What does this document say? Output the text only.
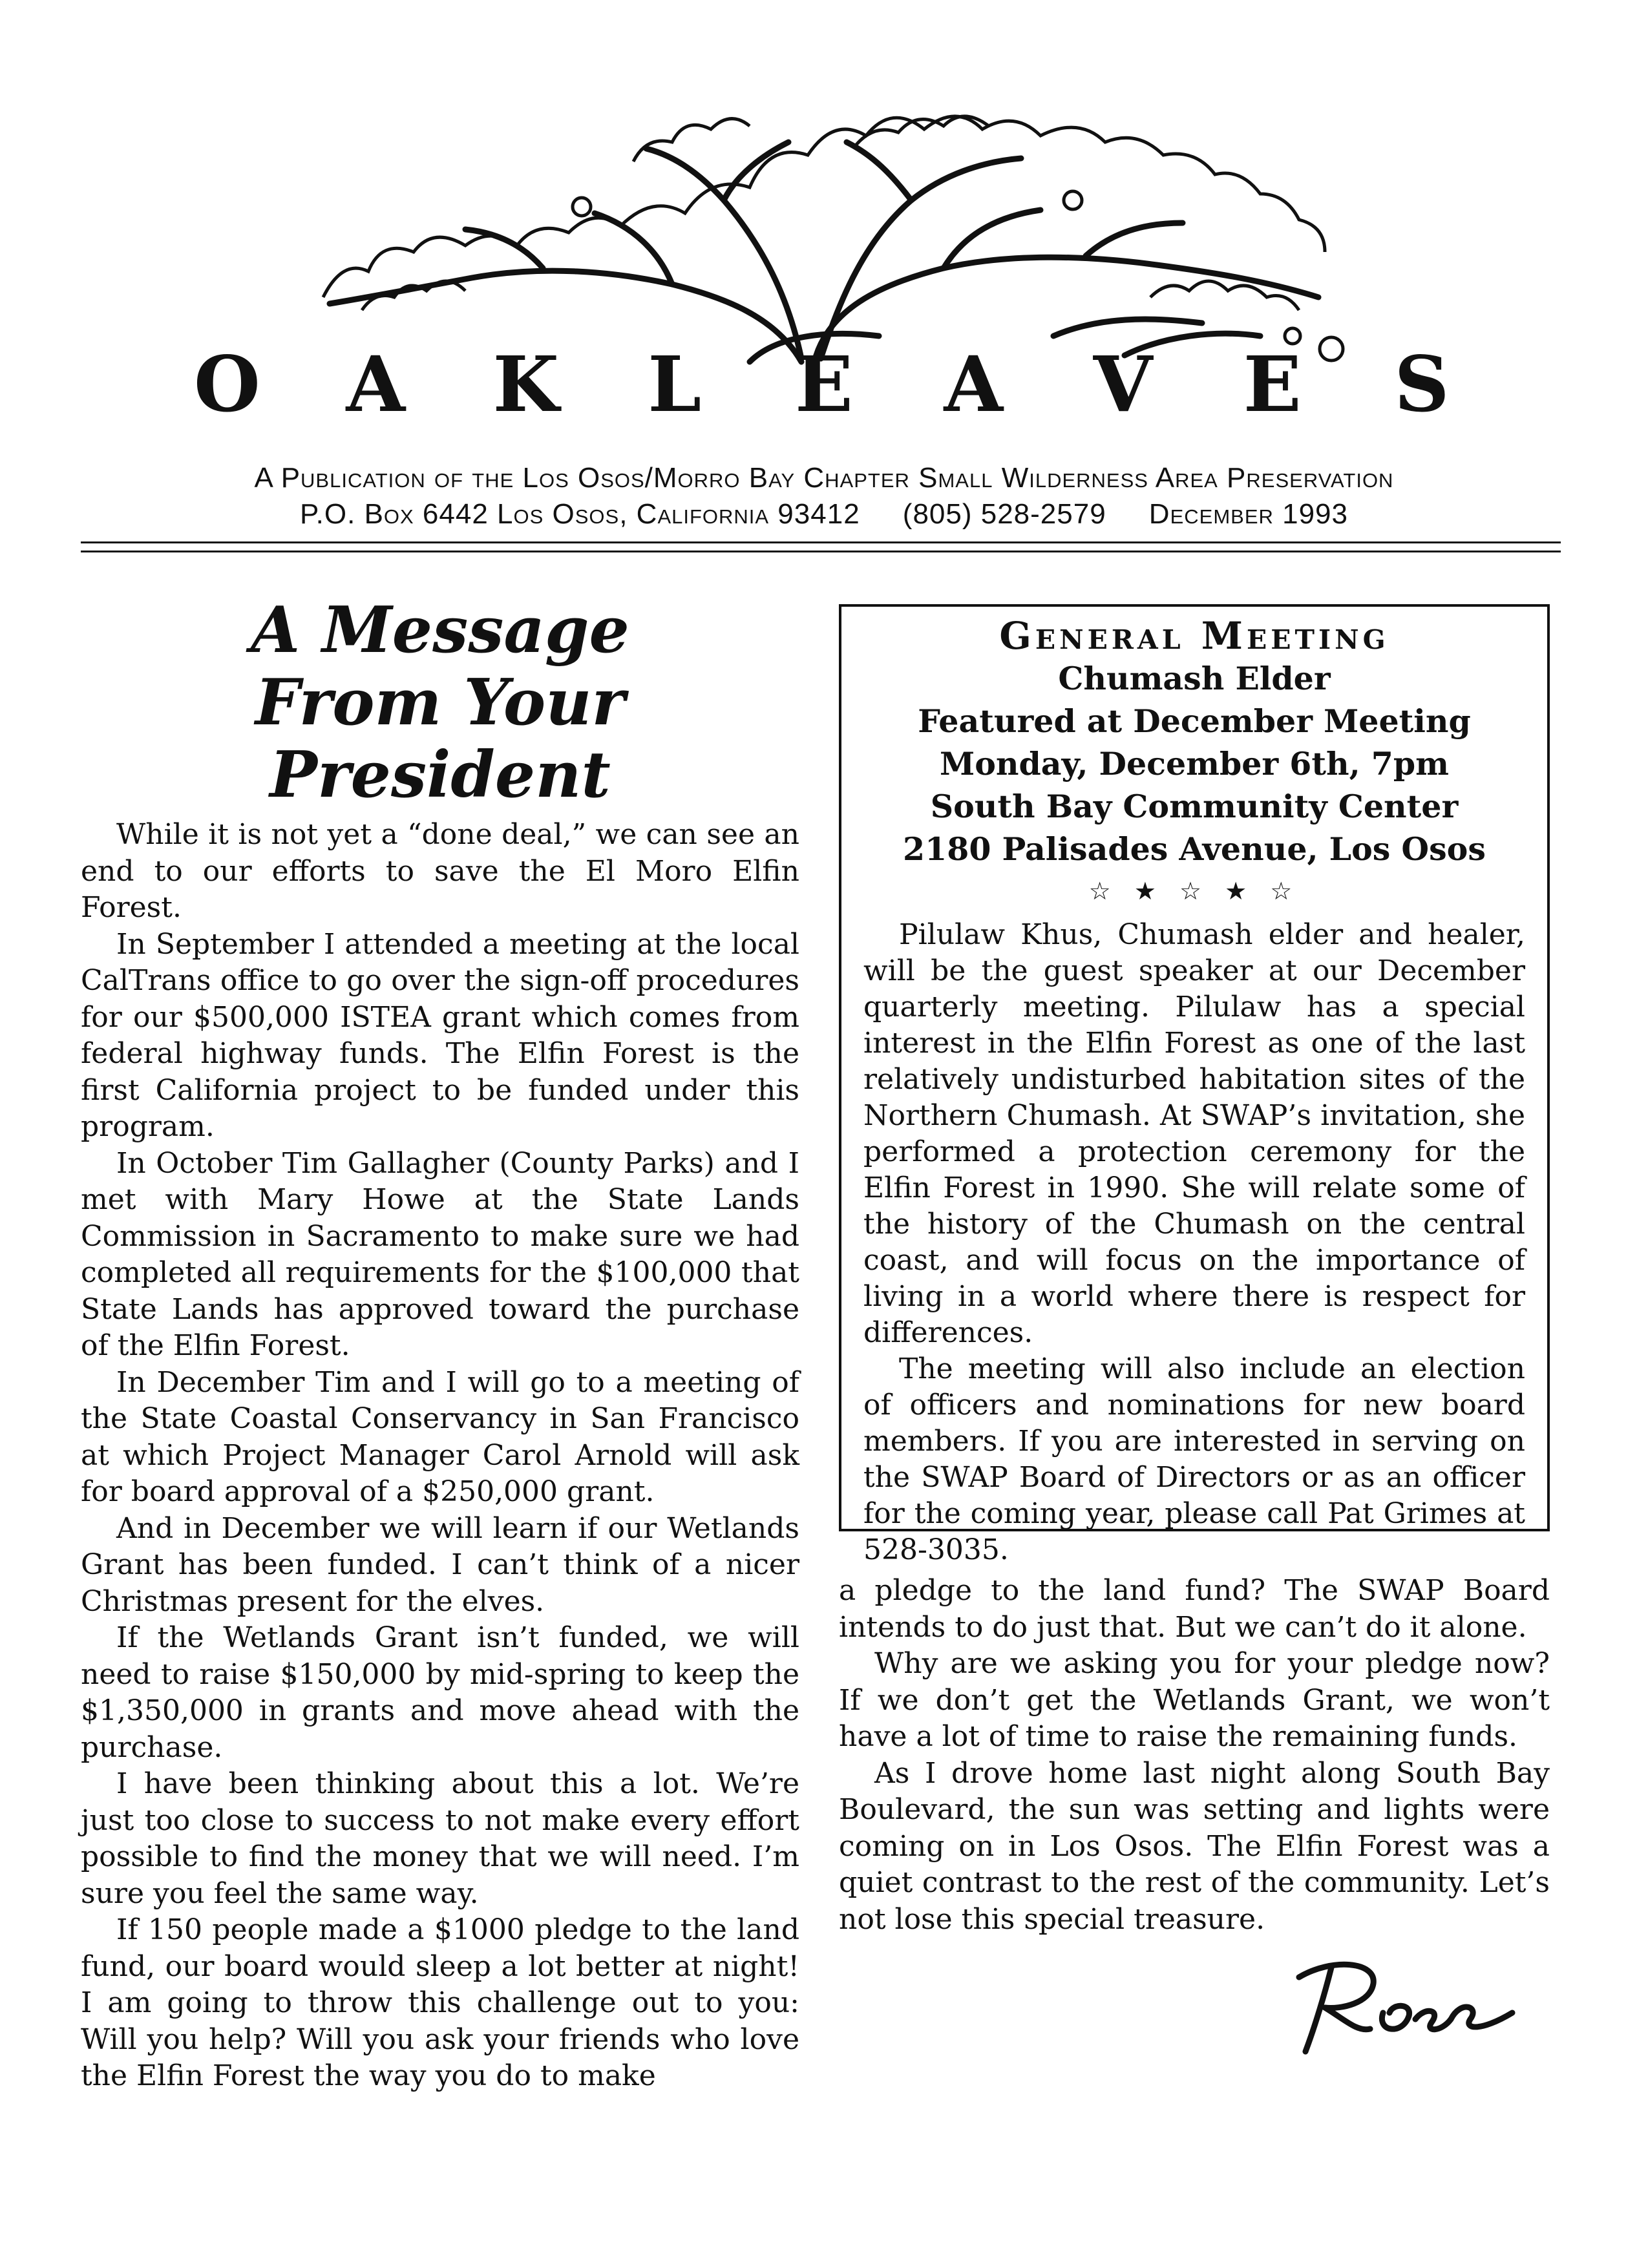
O A K L E A V E S
A Publication of the Los Osos/Morro Bay Chapter Small Wilderness Area Preservation
P.O. Box 6442 Los Osos, California 93412     (805) 528-2579     December 1993
A Message
From Your President

While it is not yet a “done deal,” we can see an end to our efforts to save the El Moro Elfin Forest.

In September I attended a meeting at the local CalTrans office to go over the sign-off procedures for our $500,000 ISTEA grant which comes from federal highway funds. The Elfin Forest is the first California project to be funded under this program.

In October Tim Gallagher (County Parks) and I met with Mary Howe at the State Lands Commission in Sacramento to make sure we had completed all requirements for the $100,000 that State Lands has approved toward the purchase of the Elfin Forest.

In December Tim and I will go to a meeting of the State Coastal Conservancy in San Francisco at which Project Manager Carol Arnold will ask for board approval of a $250,000 grant.

And in December we will learn if our Wetlands Grant has been funded. I can’t think of a nicer Christmas present for the elves.

If the Wetlands Grant isn’t funded, we will need to raise $150,000 by mid-spring to keep the $1,350,000 in grants and move ahead with the purchase.

I have been thinking about this a lot. We’re just too close to success to not make every effort possible to find the money that we will need. I’m sure you feel the same way.

If 150 people made a $1000 pledge to the land fund, our board would sleep a lot better at night! I am going to throw this challenge out to you: Will you help? Will you ask your friends who love the Elfin Forest the way you do to make

General Meeting
Chumash Elder
Featured at December Meeting
Monday, December 6th, 7pm
South Bay Community Center
2180 Palisades Avenue, Los Osos
☆ ★ ☆ ★ ☆

Pilulaw Khus, Chumash elder and healer, will be the guest speaker at our December quarterly meeting. Pilulaw has a special interest in the Elfin Forest as one of the last relatively undisturbed habitation sites of the Northern Chumash. At SWAP’s invitation, she performed a protection ceremony for the Elfin Forest in 1990. She will relate some of the history of the Chumash on the central coast, and will focus on the importance of living in a world where there is respect for differences.

The meeting will also include an election of officers and nominations for new board members. If you are interested in serving on the SWAP Board of Directors or as an officer for the coming year, please call Pat Grimes at 528-3035.

a pledge to the land fund? The SWAP Board intends to do just that. But we can’t do it alone.

Why are we asking you for your pledge now? If we don’t get the Wetlands Grant, we won’t have a lot of time to raise the remaining funds.

As I drove home last night along South Bay Boulevard, the sun was setting and lights were coming on in Los Osos. The Elfin Forest was a quiet contrast to the rest of the community. Let’s not lose this special treasure.
